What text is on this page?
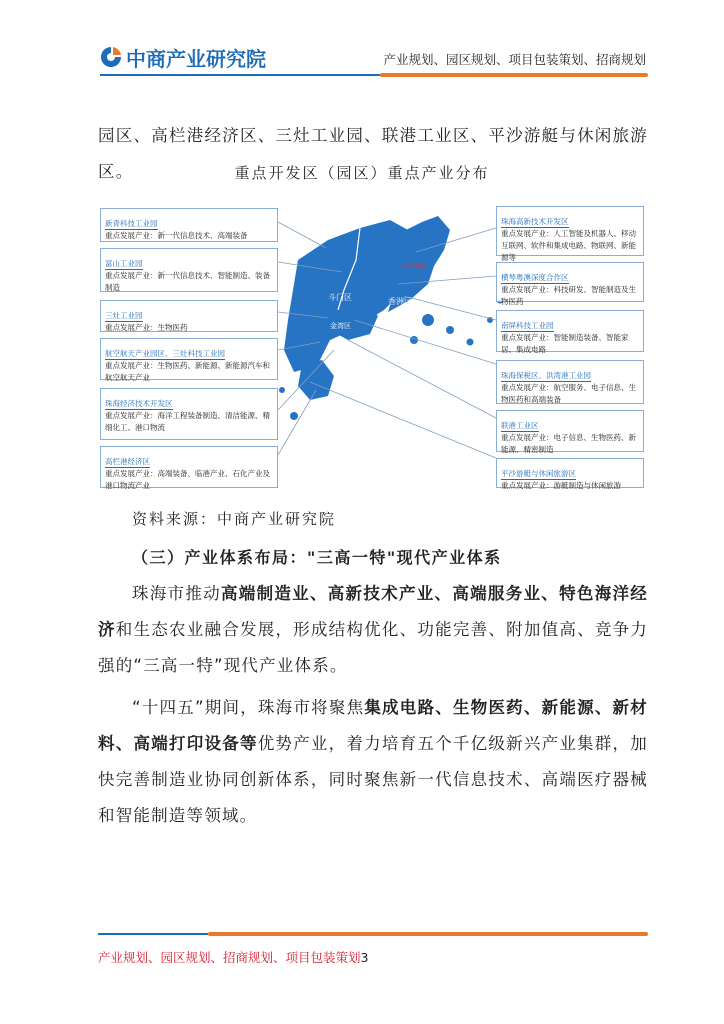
中商产业研究院	产业规划、园区规划、项目包装策划、招商规划
园区、高栏港经济区、三灶工业园、联港工业区、平沙游艇与休闲旅游区。	重点开发区（园区）重点产业分布
斗门区	香洲区
金湾区
横琴新区
新青科技工业园
重点发展产业：新一代信息技术、高端装备
富山工业园
重点发展产业：新一代信息技术、智能制造、装备制造
三灶工业园
重点发展产业：生物医药
航空航天产业园区、三灶科技工业园
重点发展产业：生物医药、新能源、新能源汽车和航空航天产业
珠海经济技术开发区
重点发展产业：海洋工程装备制造、清洁能源、精细化工、港口物流
高栏港经济区
重点发展产业：高端装备、临港产业、石化产业及港口物流产业
珠海高新技术开发区
重点发展产业：人工智能及机器人、移动互联网、软件和集成电路、物联网、新能源等
横琴粤澳深度合作区
重点发展产业：科技研发、智能制造及生物医药
南屏科技工业园
重点发展产业：智能制造装备、智能家居、集成电路
珠海保税区、洪湾港工业园
重点发展产业：航空服务、电子信息、生物医药和高端装备
联港工业区
重点发展产业：电子信息、生物医药、新能源、精密制造
平沙游艇与休闲旅游区
重点发展产业：游艇制造与休闲旅游
资料来源：中商产业研究院
（三）产业体系布局："三高一特"现代产业体系
珠海市推动高端制造业、高新技术产业、高端服务业、特色海洋经济和生态农业融合发展，形成结构优化、功能完善、附加值高、竞争力强的“三高一特”现代产业体系。
“十四五”期间，珠海市将聚焦集成电路、生物医药、新能源、新材料、高端打印设备等优势产业，着力培育五个千亿级新兴产业集群，加快完善制造业协同创新体系，同时聚焦新一代信息技术、高端医疗器械和智能制造等领域。
产业规划、园区规划、招商规划、项目包装策划3
